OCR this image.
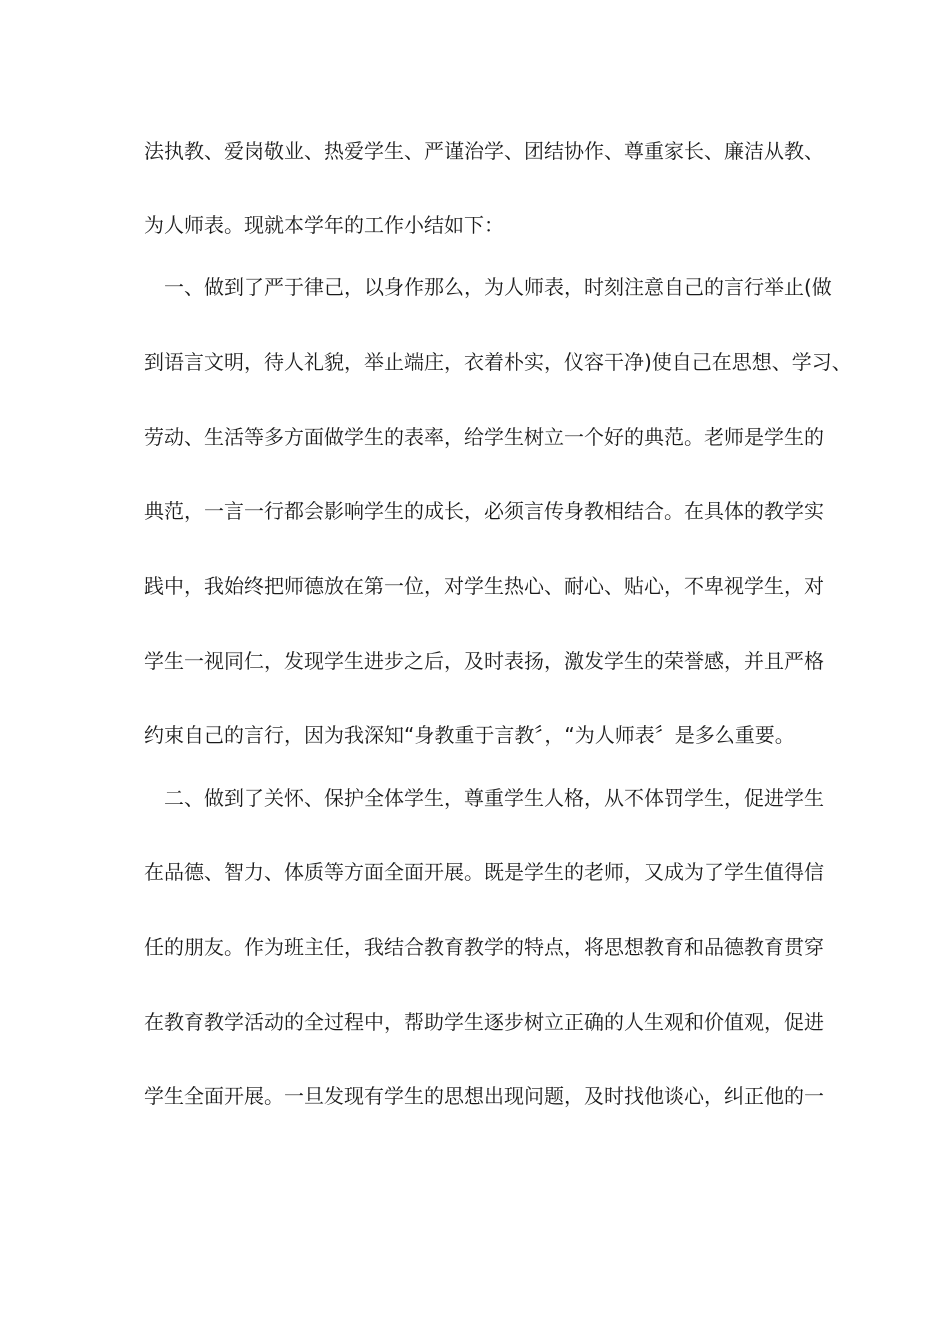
法执教、爱岗敬业、热爱学生、严谨治学、团结协作、尊重家长、廉洁从教、
为人师表。现就本学年的工作小结如下：
　一、做到了严于律己，以身作那么，为人师表，时刻注意自己的言行举止(做
到语言文明，待人礼貌，举止端庄，衣着朴实，仪容干净)使自己在思想、学习、
劳动、生活等多方面做学生的表率，给学生树立一个好的典范。老师是学生的
典范，一言一行都会影响学生的成长，必须言传身教相结合。在具体的教学实
践中，我始终把师德放在第一位，对学生热心、耐心、贴心，不卑视学生，对
学生一视同仁，发现学生进步之后，及时表扬，激发学生的荣誉感，并且严格
约束自己的言行，因为我深知“身教重于言教〞，“为人师表〞是多么重要。
　二、做到了关怀、保护全体学生，尊重学生人格，从不体罚学生，促进学生
在品德、智力、体质等方面全面开展。既是学生的老师，又成为了学生值得信
任的朋友。作为班主任，我结合教育教学的特点，将思想教育和品德教育贯穿
在教育教学活动的全过程中，帮助学生逐步树立正确的人生观和价值观，促进
学生全面开展。一旦发现有学生的思想出现问题，及时找他谈心，纠正他的一
